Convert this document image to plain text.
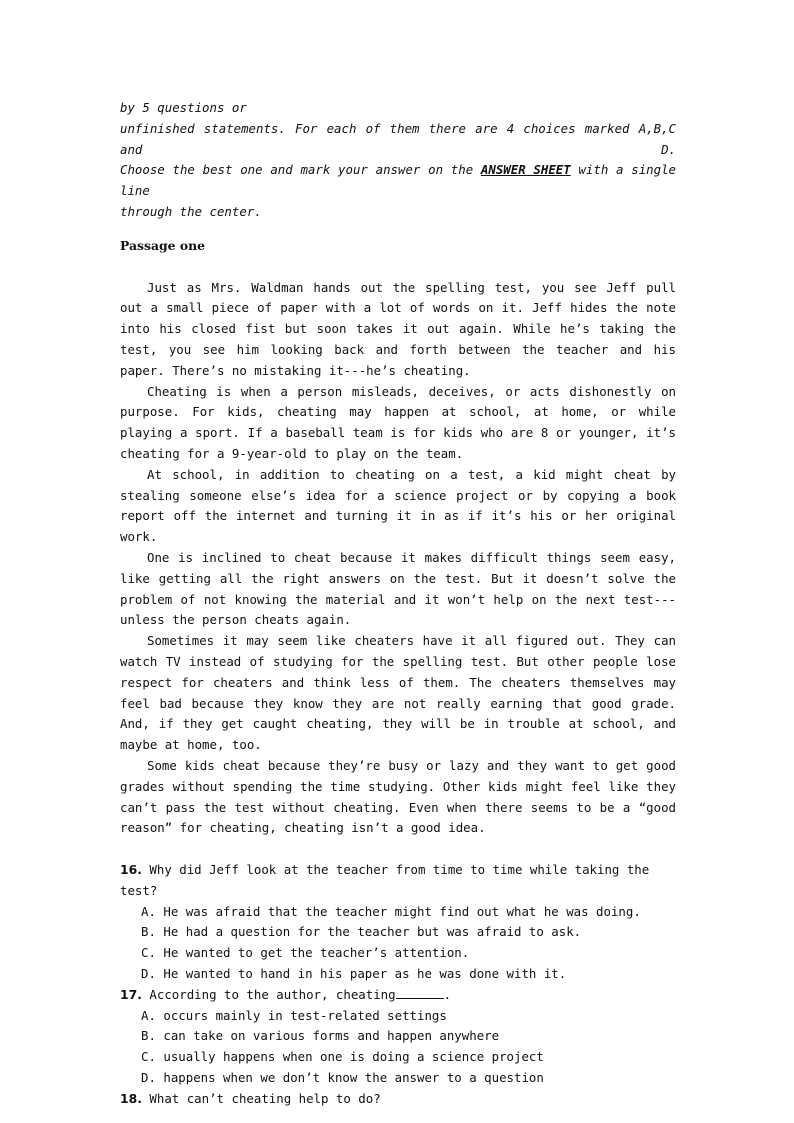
by 5 questions or

unfinished statements. For each of them there are 4 choices marked A,B,C and D.

Choose the best one and mark your answer on the ANSWER SHEET with a single line

through the center.

Passage one

Just as Mrs. Waldman hands out the spelling test, you see Jeff pull out a small piece of paper with a lot of words on it. Jeff hides the note into his closed fist but soon takes it out again. While he’s taking the test, you see him looking back and forth between the teacher and his paper. There’s no mistaking it---he’s cheating.

Cheating is when a person misleads, deceives, or acts dishonestly on purpose. For kids, cheating may happen at school, at home, or while playing a sport. If a baseball team is for kids who are 8 or younger, it’s cheating for a 9-year-old to play on the team.

At school, in addition to cheating on a test, a kid might cheat by stealing someone else’s idea for a science project or by copying a book report off the internet and turning it in as if it’s his or her original work.

One is inclined to cheat because it makes difficult things seem easy, like getting all the right answers on the test. But it doesn’t solve the problem of not knowing the material and it won’t help on the next test---unless the person cheats again.

Sometimes it may seem like cheaters have it all figured out. They can watch TV instead of studying for the spelling test. But other people lose respect for cheaters and think less of them. The cheaters themselves may feel bad because they know they are not really earning that good grade. And, if they get caught cheating, they will be in trouble at school, and maybe at home, too.

Some kids cheat because they’re busy or lazy and they want to get good grades without spending the time studying. Other kids might feel like they can’t pass the test without cheating. Even when there seems to be a “good reason” for cheating, cheating isn’t a good idea.

16. Why did Jeff look at the teacher from time to time while taking the test?

A. He was afraid that the teacher might find out what he was doing.

B. He had a question for the teacher but was afraid to ask.

C. He wanted to get the teacher’s attention.

D. He wanted to hand in his paper as he was done with it.

17. According to the author, cheating	.

A. occurs mainly in test-related settings

B. can take on various forms and happen anywhere

C. usually happens when one is doing a science project

D. happens when we don’t know the answer to a question

18. What can’t cheating help to do?
